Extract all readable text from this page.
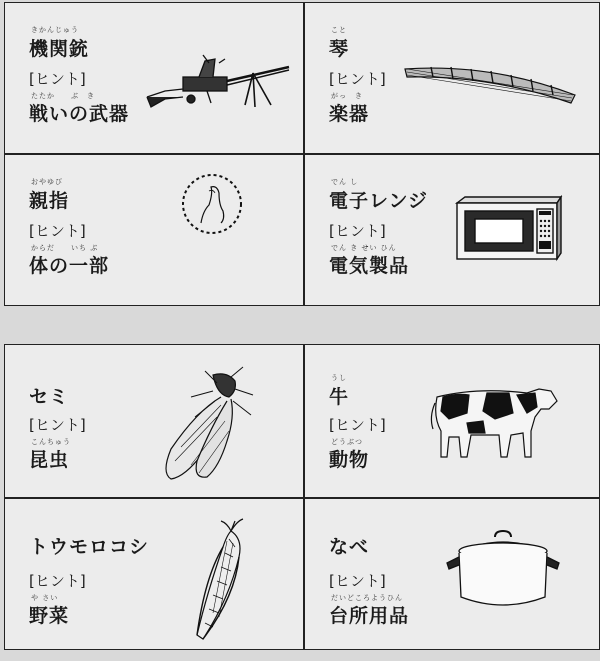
きかんじゅう
機関銃
[ヒント]
たたか　　ぶ　き
戦いの武器
こと
琴
[ヒント]
がっ　き
楽器
おやゆび
親指
[ヒント]
からだ　　いち ぶ
体の一部
でん し
電子レンジ
[ヒント]
でん き せい ひん
電気製品
セミ
[ヒント]
こんちゅう
昆虫
うし
牛
[ヒント]
どうぶつ
動物
トウモロコシ
[ヒント]
や さい
野菜
なべ
[ヒント]
だいどころようひん
台所用品
